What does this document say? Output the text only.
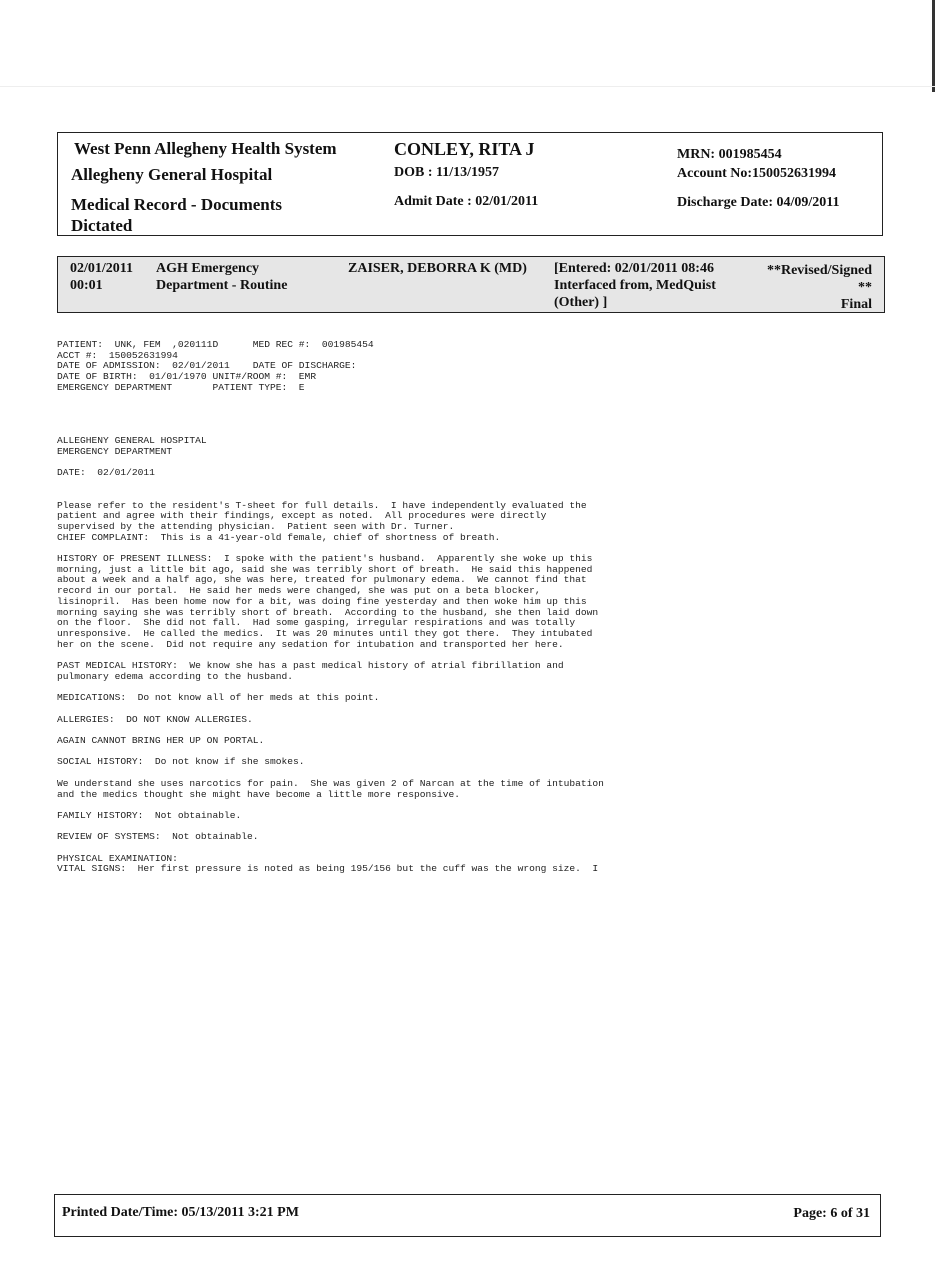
West Penn Allegheny Health System
Allegheny General Hospital
Medical Record - Documents Dictated
CONLEY, RITA J
DOB : 11/13/1957
Admit Date : 02/01/2011
MRN: 001985454
Account No:150052631994
Discharge Date: 04/09/2011
02/01/2011
00:01
AGH Emergency
Department - Routine
ZAISER, DEBORRA K (MD) [Entered: 02/01/2011 08:46
Interfaced from, MedQuist
(Other) ]
**Revised/Signed
**
Final
PATIENT:  UNK, FEM  ,020111D      MED REC #:  001985454
ACCT #:  150052631994
DATE OF ADMISSION:  02/01/2011    DATE OF DISCHARGE:
DATE OF BIRTH:  01/01/1970 UNIT#/ROOM #:  EMR
EMERGENCY DEPARTMENT       PATIENT TYPE:  E

ALLEGHENY GENERAL HOSPITAL
EMERGENCY DEPARTMENT

DATE:  02/01/2011

Please refer to the resident's T-sheet for full details.  I have independently evaluated the
patient and agree with their findings, except as noted.  All procedures were directly
supervised by the attending physician.  Patient seen with Dr. Turner.
CHIEF COMPLAINT:  This is a 41-year-old female, chief of shortness of breath.

HISTORY OF PRESENT ILLNESS:  I spoke with the patient's husband.  Apparently she woke up this
morning, just a little bit ago, said she was terribly short of breath.  He said this happened
about a week and a half ago, she was here, treated for pulmonary edema.  We cannot find that
record in our portal.  He said her meds were changed, she was put on a beta blocker,
lisinopril.  Has been home now for a bit, was doing fine yesterday and then woke him up this
morning saying she was terribly short of breath.  According to the husband, she then laid down
on the floor.  She did not fall.  Had some gasping, irregular respirations and was totally
unresponsive.  He called the medics.  It was 20 minutes until they got there.  They intubated
her on the scene.  Did not require any sedation for intubation and transported her here.

PAST MEDICAL HISTORY:  We know she has a past medical history of atrial fibrillation and
pulmonary edema according to the husband.

MEDICATIONS:  Do not know all of her meds at this point.

ALLERGIES:  DO NOT KNOW ALLERGIES.

AGAIN CANNOT BRING HER UP ON PORTAL.

SOCIAL HISTORY:  Do not know if she smokes.

We understand she uses narcotics for pain.  She was given 2 of Narcan at the time of intubation
and the medics thought she might have become a little more responsive.

FAMILY HISTORY:  Not obtainable.

REVIEW OF SYSTEMS:  Not obtainable.

PHYSICAL EXAMINATION:
VITAL SIGNS:  Her first pressure is noted as being 195/156 but the cuff was the wrong size.  I
Printed Date/Time: 05/13/2011 3:21 PM	Page: 6 of 31
